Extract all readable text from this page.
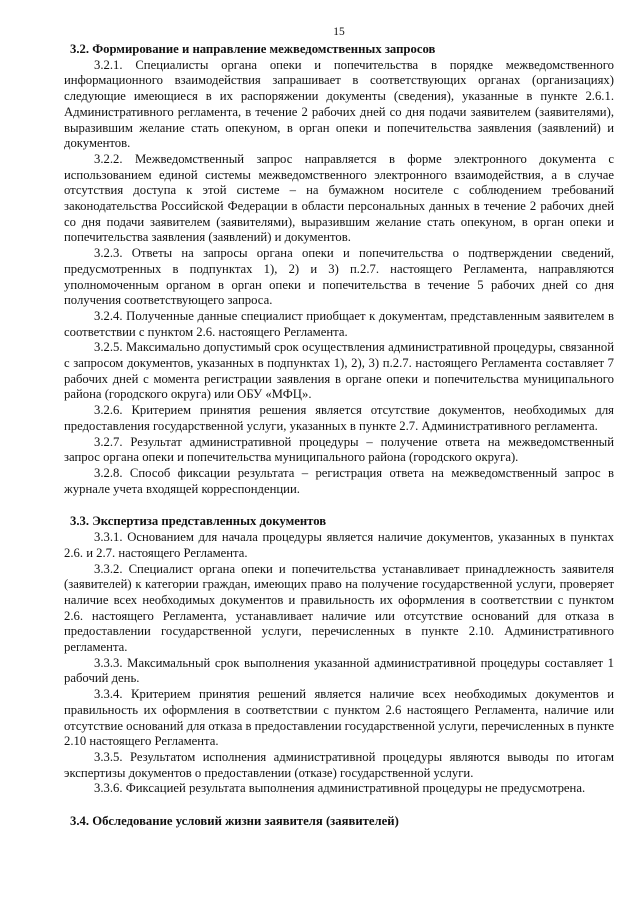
15
3.2. Формирование и направление межведомственных запросов

3.2.1. Специалисты органа опеки и попечительства в порядке межведомственного информационного взаимодействия запрашивает в соответствующих органах (организациях) следующие имеющиеся в их распоряжении документы (сведения), указанные в пункте 2.6.1. Административного регламента, в течение 2 рабочих дней со дня подачи заявителем (заявителями), выразившим желание стать опекуном, в орган опеки и попечительства заявления (заявлений) и документов.

3.2.2. Межведомственный запрос направляется в форме электронного документа с использованием единой системы межведомственного электронного взаимодействия, а в случае отсутствия доступа к этой системе – на бумажном носителе с соблюдением требований законодательства Российской Федерации в области персональных данных в течение 2 рабочих дней со дня подачи заявителем (заявителями), выразившим желание стать опекуном, в орган опеки и попечительства заявления (заявлений) и документов.

3.2.3. Ответы на запросы органа опеки и попечительства о подтверждении сведений, предусмотренных в подпунктах 1), 2) и 3) п.2.7. настоящего Регламента, направляются уполномоченным органом в орган опеки и попечительства в течение 5 рабочих дней со дня получения соответствующего запроса.

3.2.4. Полученные данные специалист приобщает к документам, представленным заявителем в соответствии с пунктом 2.6. настоящего Регламента.

3.2.5. Максимально допустимый срок осуществления административной процедуры, связанной с запросом документов, указанных в подпунктах 1), 2), 3) п.2.7. настоящего Регламента составляет 7 рабочих дней с момента регистрации заявления в органе опеки и попечительства муниципального района (городского округа) или ОБУ «МФЦ».

3.2.6. Критерием принятия решения является отсутствие документов, необходимых для предоставления государственной услуги, указанных в пункте 2.7. Административного регламента.

3.2.7. Результат административной процедуры – получение ответа на межведомственный запрос органа опеки и попечительства муниципального района (городского округа).

3.2.8. Способ фиксации результата – регистрация ответа на межведомственный запрос в журнале учета входящей корреспонденции.

3.3. Экспертиза представленных документов

3.3.1. Основанием для начала процедуры является наличие документов, указанных в пунктах 2.6. и 2.7. настоящего Регламента.

3.3.2. Специалист органа опеки и попечительства устанавливает принадлежность заявителя (заявителей) к категории граждан, имеющих право на получение государственной услуги, проверяет наличие всех необходимых документов и правильность их оформления в соответствии с пунктом 2.6. настоящего Регламента, устанавливает наличие или отсутствие оснований для отказа в предоставлении государственной услуги, перечисленных в пункте 2.10. Административного регламента.

3.3.3. Максимальный срок выполнения указанной административной процедуры составляет 1 рабочий день.

3.3.4. Критерием принятия решений является наличие всех необходимых документов и правильность их оформления в соответствии с пунктом 2.6 настоящего Регламента, наличие или отсутствие оснований для отказа в предоставлении государственной услуги, перечисленных в пункте 2.10 настоящего Регламента.

3.3.5. Результатом исполнения административной процедуры являются выводы по итогам экспертизы документов о предоставлении (отказе) государственной услуги.

3.3.6. Фиксацией результата выполнения административной процедуры не предусмотрена.

3.4. Обследование условий жизни заявителя (заявителей)
